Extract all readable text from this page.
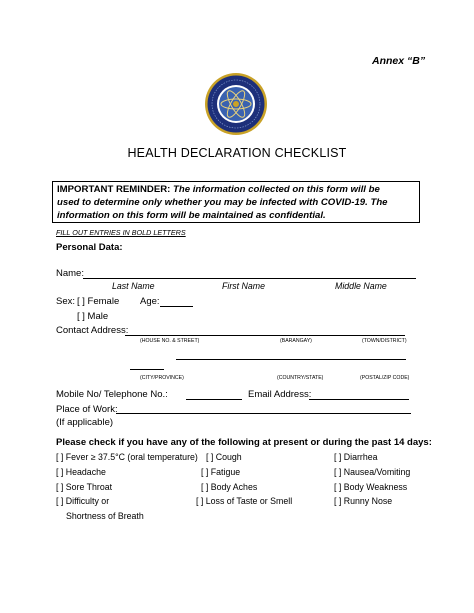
Annex “B”
HEALTH DECLARATION CHECKLIST
IMPORTANT REMINDER: The information collected on this form will be
used to determine only whether you may be infected with COVID-19. The
information on this form will be maintained as confidential.
FILL OUT ENTRIES IN BOLD LETTERS
Personal Data:
Name:
Last Name	First Name	Middle Name
Sex: [ ] Female Age:
[ ] Male
Contact Address:
(HOUSE NO. & STREET)	(BARANGAY)	(TOWN/DISTRICT)
(CITY/PROVINCE)	(COUNTRY/STATE)	(POSTAL/ZIP CODE)
Mobile No/ Telephone No.:	Email Address:
Place of Work:
(If applicable)
Please check if you have any of the following at present or during the past 14 days:
[ ] Fever ≥ 37.5°C (oral temperature) [ ] Cough	[ ] Diarrhea
[ ] Headache	[ ] Fatigue	[ ] Nausea/Vomiting
[ ] Sore Throat	[ ] Body Aches	[ ] Body Weakness
[ ] Difficulty or	[ ] Loss of Taste or Smell	[ ] Runny Nose
Shortness of Breath
